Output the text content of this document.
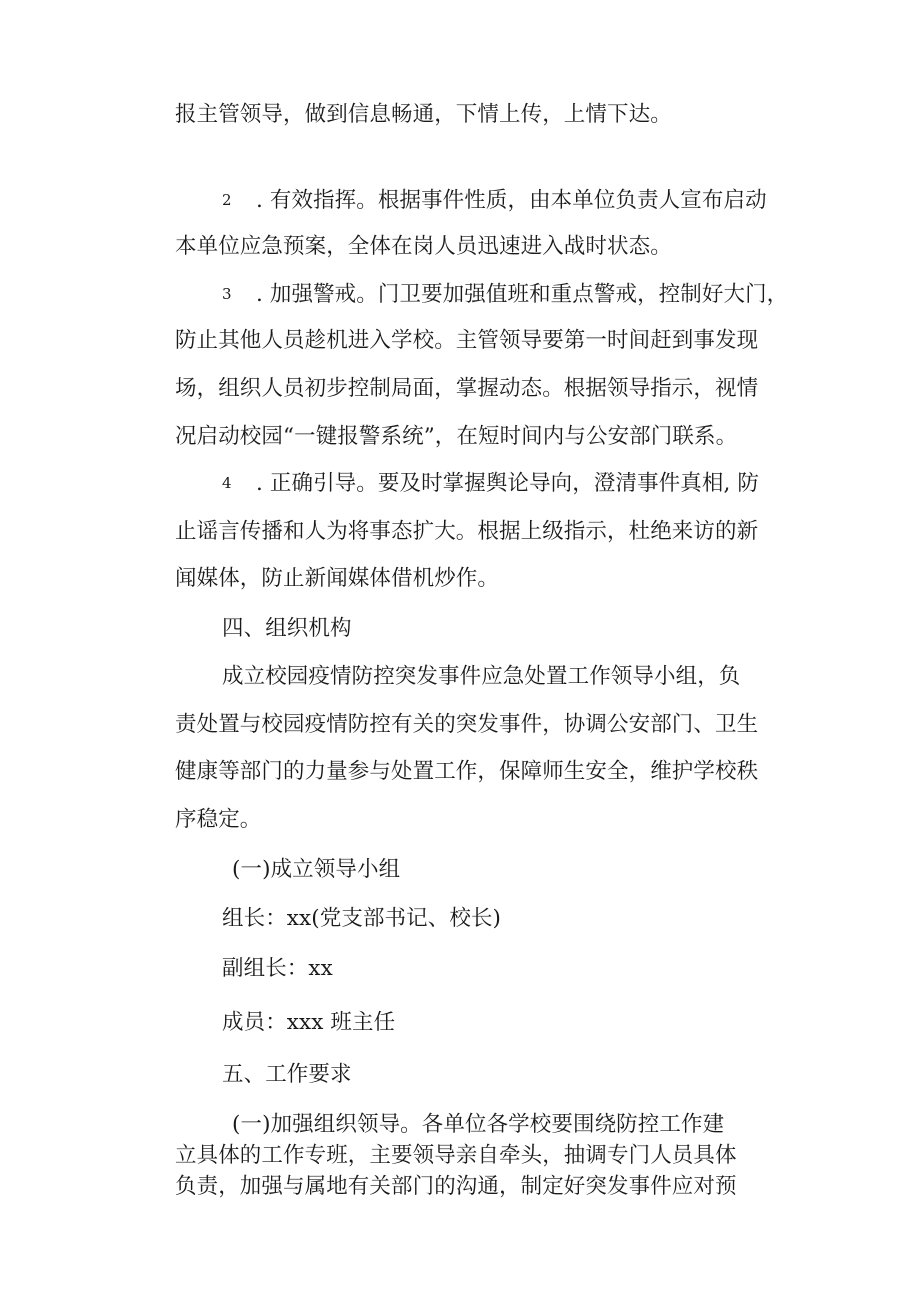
报主管领导，做到信息畅通，下情上传，上情下达。
2 . 有效指挥。根据事件性质，由本单位负责人宣布启动
本单位应急预案，全体在岗人员迅速进入战时状态。
3 . 加强警戒。门卫要加强值班和重点警戒，控制好大门，
防止其他人员趁机进入学校。主管领导要第一时间赶到事发现
场，组织人员初步控制局面，掌握动态。根据领导指示，视情
况启动校园“一键报警系统”，在短时间内与公安部门联系。
4 . 正确引导。要及时掌握舆论导向，澄清事件真相, 防
止谣言传播和人为将事态扩大。根据上级指示，杜绝来访的新
闻媒体，防止新闻媒体借机炒作。
四、组织机构
成立校园疫情防控突发事件应急处置工作领导小组，负
责处置与校园疫情防控有关的突发事件，协调公安部门、卫生
健康等部门的力量参与处置工作，保障师生安全，维护学校秩
序稳定。
(一)成立领导小组
组长：xx(党支部书记、校长)
副组长：xx
成员：xxx 班主任
五、工作要求
(一)加强组织领导。各单位各学校要围绕防控工作建
立具体的工作专班，主要领导亲自牵头，抽调专门人员具体
负责，加强与属地有关部门的沟通，制定好突发事件应对预
